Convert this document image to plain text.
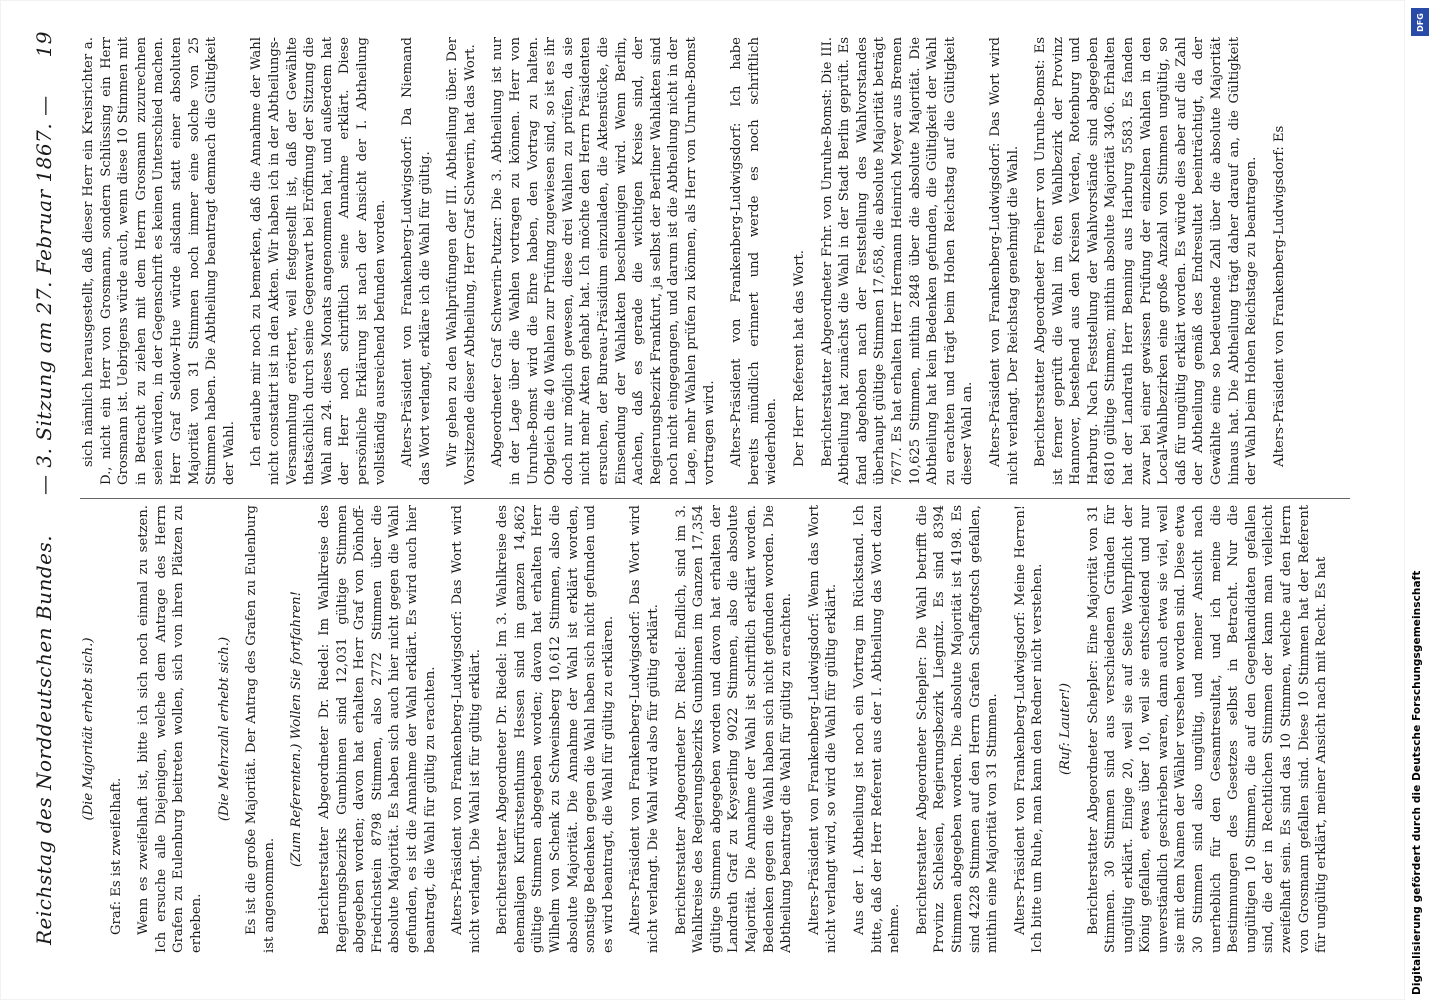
Reichstag des Norddeutschen Bundes.
— 3. Sitzung am 27. Februar 1867. —
19

(Die Majorität erhebt sich.)

Graf: Es ist zweifelhaft. Wenn es zweifelhaft ist, bitte ich sich noch einmal zu setzen. Ich ersuche alle Diejenigen, welche dem Antrage des Herrn Grafen zu Eulenburg beitreten wollen, sich von ihren Plätzen zu erheben.

(Die Mehrzahl erhebt sich.) Es ist die große Majorität. Der Antrag des Grafen zu Eulenburg ist angenommen.

(Zum Referenten.) Wollen Sie fortfahren! Berichterstatter Abgeordneter Dr. Riedel: Im Wahlkreise des Regierungsbezirks Gumbinnen sind 12,031 gültige Stimmen abgegeben worden; davon hat erhalten Herr Graf von Dönhoff-Friedrichstein 8798 Stimmen, also 2772 Stimmen über die absolute Majorität. Es haben sich auch hier nicht gegen die Wahl gefunden, es ist die Annahme der Wahl erklärt. Es wird auch hier beantragt, die Wahl für gültig zu erachten. Alters-Präsident von Frankenberg-Ludwigsdorf: Das Wort wird nicht verlangt. Die Wahl ist für gültig erklärt. Berichterstatter Abgeordneter Dr. Riedel: Im 3. Wahlkreise des ehemaligen Kurfürstenthums Hessen sind im ganzen 14,862 gültige Stimmen abgegeben worden; davon hat erhalten Herr Wilhelm von Schenk zu Schweinsberg 10,612 Stimmen, also die absolute Majorität. Die Annahme der Wahl ist erklärt worden, sonstige Bedenken gegen die Wahl haben sich nicht gefunden und es wird beantragt, die Wahl für gültig zu erklären. Alters-Präsident von Frankenberg-Ludwigsdorf: Das Wort wird nicht verlangt. Die Wahl wird also für gültig erklärt. Berichterstatter Abgeordneter Dr. Riedel: Endlich, sind im 3. Wahlkreise des Regierungsbezirks Gumbinnen im Ganzen 17,354 gültige Stimmen abgegeben worden und davon hat erhalten der Landrath Graf zu Keyserling 9022 Stimmen, also die absolute Majorität. Die Annahme der Wahl ist schriftlich erklärt worden. Bedenken gegen die Wahl haben sich nicht gefunden worden. Die Abtheilung beantragt die Wahl für gültig zu erachten. Alters-Präsident von Frankenberg-Ludwigsdorf: Wenn das Wort nicht verlangt wird, so wird die Wahl für gültig erklärt. Aus der I. Abtheilung ist noch ein Vortrag im Rückstand. Ich bitte, daß der Herr Referent aus der I. Abtheilung das Wort dazu nehme. Berichterstatter Abgeordneter Schepler: Die Wahl betrifft die Provinz Schlesien, Regierungsbezirk Liegnitz. Es sind 8394 Stimmen abgegeben worden. Die absolute Majorität ist 4198. Es sind 4228 Stimmen auf den Herrn Grafen Schaffgotsch gefallen, mithin eine Majorität von 31 Stimmen. Alters-Präsident von Frankenberg-Ludwigsdorf: Meine Herren! Ich bitte um Ruhe, man kann den Redner nicht verstehen. (Ruf: Lauter!) Berichterstatter Abgeordneter Schepler: Eine Majorität von 31 Stimmen. 30 Stimmen sind aus verschiedenen Gründen für ungültig erklärt. Einige 20, weil sie auf Seite Wehrpflicht der König gefallen, etwas über 10, weil sie entscheidend und nur unverständlich geschrieben waren, dann auch etwa sie viel, weil sie mit dem Namen der Wähler versehen worden sind. Diese etwa 30 Stimmen sind also ungültig, und meiner Ansicht nach unerheblich für den Gesamtresultat, und ich meine die Bestimmungen des Gesetzes selbst in Betracht. Nur die ungültigen 10 Stimmen, die auf den Gegenkandidaten gefallen sind, die der in Rechtlichen Stimmen der kann man vielleicht zweifelhaft sein. Es sind das 10 Stimmen, welche auf den Herrn von Grosmann gefallen sind. Diese 10 Stimmen hat der Referent für ungültig erklärt, meiner Ansicht nach mit Recht. Es hat

sich nämlich herausgestellt, daß dieser Herr ein Kreisrichter a. D., nicht ein Herr von Grosmann, sondern Schlüssing ein Herr Grosmann ist. Uebrigens würde auch, wenn diese 10 Stimmen mit in Betracht zu ziehen mit dem Herrn Grosmann zuzurechnen seien würden, in der Gegenschrift es keinen Unterschied machen. Herr Graf Seldow-Hue würde alsdann statt einer absoluten Majorität von 31 Stimmen noch immer eine solche von 25 Stimmen haben. Die Abtheilung beantragt demnach die Gültigkeit der Wahl. Ich erlaube mir noch zu bemerken, daß die Annahme der Wahl nicht constatirt ist in den Akten. Wir haben ich in der Abtheilungs-Versammlung erörtert, weil festgestellt ist, daß der Gewählte thatsächlich durch seine Gegenwart bei Eröffnung der Sitzung die Wahl am 24. dieses Monats angenommen hat, und außerdem hat der Herr noch schriftlich seine Annahme erklärt. Diese persönliche Erklärung ist nach der Ansicht der I. Abtheilung vollständig ausreichend befunden worden. Alters-Präsident von Frankenberg-Ludwigsdorf: Da Niemand das Wort verlangt, erkläre ich die Wahl für gültig. Wir gehen zu den Wahlprüfungen der III. Abtheilung über. Der Vorsitzende dieser Abtheilung, Herr Graf Schwerin, hat das Wort. Abgeordneter Graf Schwerin-Putzar: Die 3. Abtheilung ist nur in der Lage über die Wahlen vortragen zu können. Herr von Unruhe-Bomst wird die Ehre haben, den Vortrag zu halten. Obgleich die 40 Wahlen zur Prüfung zugewiesen sind, so ist es ihr doch nur möglich gewesen, diese drei Wahlen zu prüfen, da sie nicht mehr Akten gehabt hat. Ich möchte den Herrn Präsidenten ersuchen, der Bureau-Präsidium einzuladen, die Aktenstücke, die Einsendung der Wahlakten beschleunigen wird. Wenn Berlin, Aachen, daß es gerade die wichtigen Kreise sind, der Regierungsbezirk Frankfurt, ja selbst der Berliner Wahlakten sind noch nicht eingegangen, und darum ist die Abtheilung nicht in der Lage, mehr Wahlen prüfen zu können, als Herr von Unruhe-Bomst vortragen wird. Alters-Präsident von Frankenberg-Ludwigsdorf: Ich habe bereits mündlich erinnert und werde es noch schriftlich wiederholen. Der Herr Referent hat das Wort. Berichterstatter Abgeordneter Frhr. von Unruhe-Bomst: Die III. Abtheilung hat zunächst die Wahl in der Stadt Berlin geprüft. Es fand abgehoben nach der Feststellung des Wahlvorstandes überhaupt gültige Stimmen 17,658, die absolute Majorität beträgt 7677. Es hat erhalten Herr Hermann Heinrich Meyer aus Bremen 10,625 Stimmen, mithin 2848 über die absolute Majorität. Die Abtheilung hat kein Bedenken gefunden, die Gültigkeit der Wahl zu erachten und trägt beim Hohen Reichstag auf die Gültigkeit dieser Wahl an. Alters-Präsident von Frankenberg-Ludwigsdorf: Das Wort wird nicht verlangt. Der Reichstag genehmigt die Wahl. Berichterstatter Abgeordneter Freiherr von Unruhe-Bomst: Es ist ferner geprüft die Wahl im 6ten Wahlbezirk der Provinz Hannover, bestehend aus den Kreisen Verden, Rotenburg und Harburg. Nach Feststellung der Wahlvorstände sind abgegeben 6810 gültige Stimmen; mithin absolute Majorität 3406. Erhalten hat der Landrath Herr Benning aus Harburg 5583. Es fanden zwar bei einer gewissen Prüfung der einzelnen Wahlen in den Local-Wahlbezirken eine große Anzahl von Stimmen ungültig, so daß für ungültig erklärt worden. Es würde dies aber auf die Zahl der Abtheilung gemäß des Endresultat beeinträchtigt, da der Gewählte eine so bedeutende Zahl über die absolute Majorität hinaus hat. Die Abtheilung trägt daher darauf an, die Gültigkeit der Wahl beim Hohen Reichstage zu beantragen. Alters-Präsident von Frankenberg-Ludwigsdorf: Es

DFG
Digitalisierung gefördert durch die Deutsche Forschungsgemeinschaft
